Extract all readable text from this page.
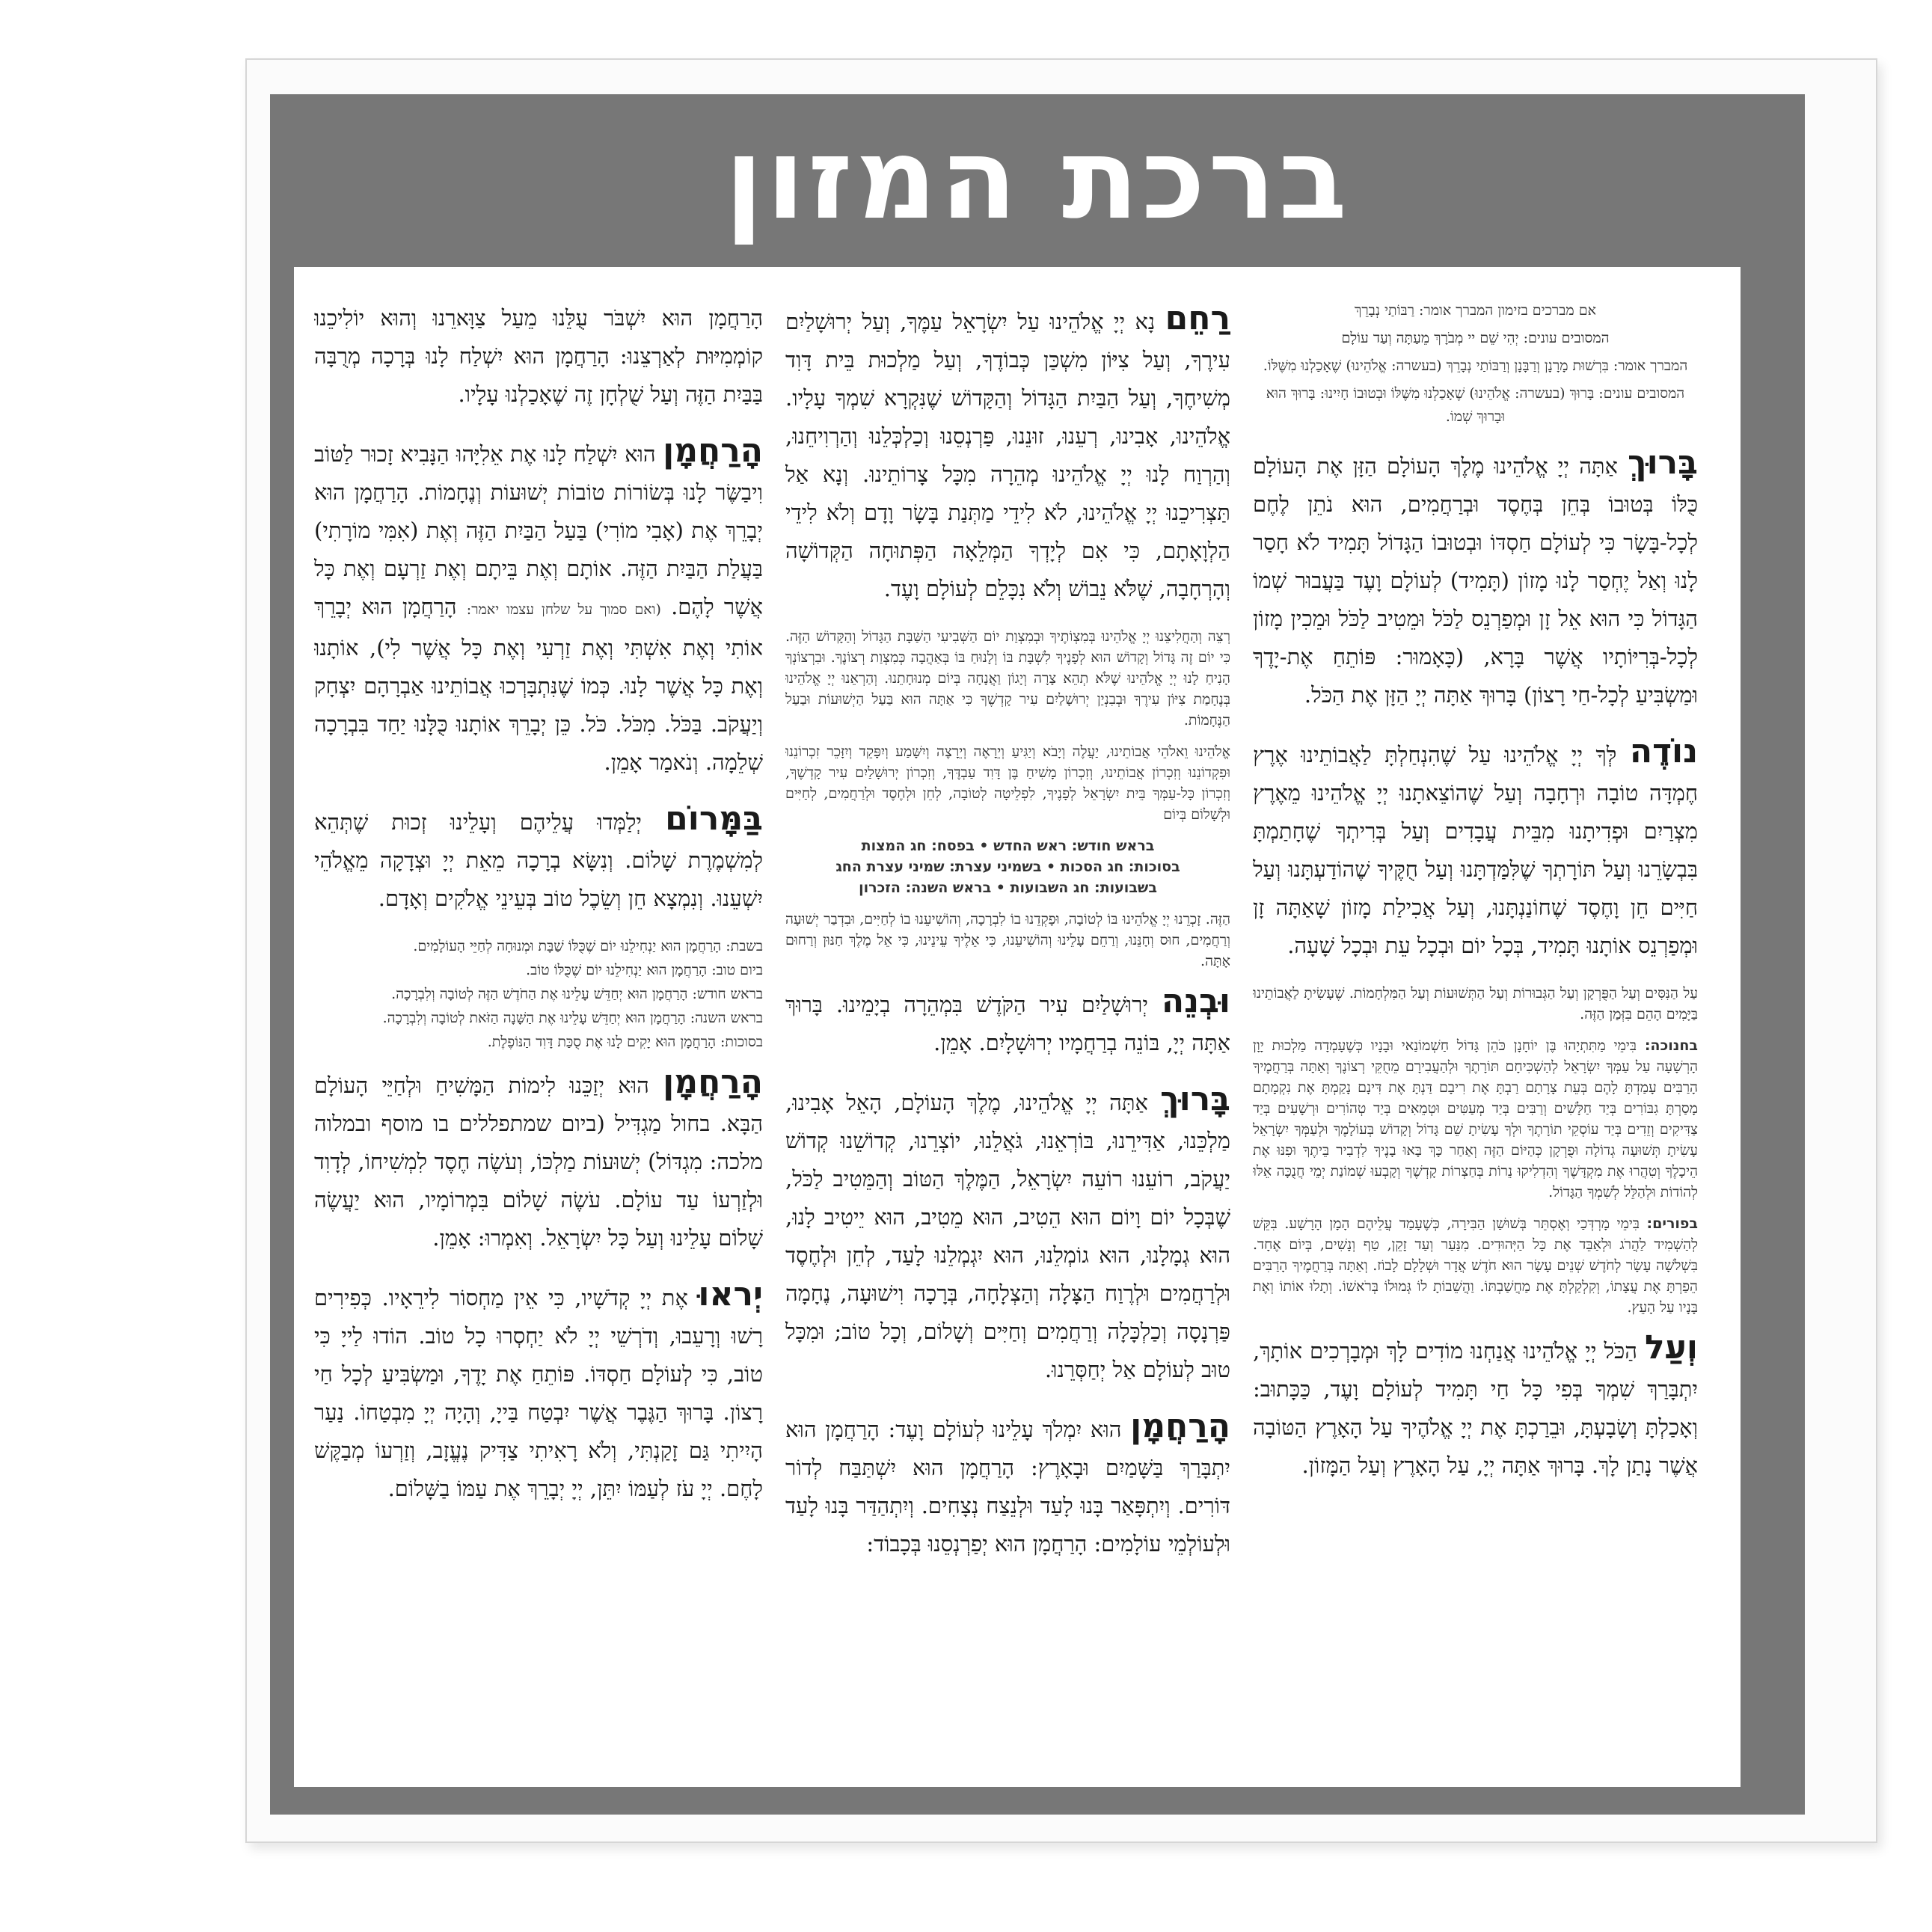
ברכת המזון
WATERDALE COLLECTION

אם מברכים בזימון המברך אומר: רַבּוֹתַי נְבָרֵךְ

המסובים עונים: יְהִי שֵׁם יי מְבֹרָךְ מֵעַתָּה וְעַד עוֹלָם

המברך אומר: בִּרְשׁוּת מָרָנָן וְרַבָּנָן וְרַבּוֹתַי נְבָרֵךְ (בעשרה: אֱלֹהֵינוּ) שֶׁאָכַלְנוּ מִשֶּׁלּוֹ.

המסובים עונים: בָּרוּךְ (בעשרה: אֱלֹהֵינוּ) שֶׁאָכַלְנוּ מִשֶּׁלּוֹ וּבְטוּבוֹ חָיִינוּ: בָּרוּךְ הוּא וּבָרוּךְ שְׁמוֹ.

בָּרוּךְ אַתָּה יְיָ אֱלֹהֵינוּ מֶלֶךְ הָעוֹלָם הַזָּן אֶת הָעוֹלָם כֻּלּוֹ בְּטוּבוֹ בְּחֵן בְּחֶסֶד וּבְרַחֲמִים, הוּא נֹתֵן לֶחֶם לְכָל-בָּשָׂר כִּי לְעוֹלָם חַסְדּוֹ וּבְטוּבוֹ הַגָּדוֹל תָּמִיד לֹא חָסַר לָנוּ וְאַל יֶחְסַר לָנוּ מָזוֹן (תָּמִיד) לְעוֹלָם וָעֶד בַּעֲבוּר שְׁמוֹ הַגָּדוֹל כִּי הוּא אֵל זָן וּמְפַרְנֵס לַכֹּל וּמֵטִיב לַכֹּל וּמֵכִין מָזוֹן לְכָל-בְּרִיּוֹתָיו אֲשֶׁר בָּרָא, (כָּאָמוּר: פּוֹתֵחַ אֶת-יָדֶךָ וּמַשְׂבִּיעַ לְכָל-חַי רָצוֹן) בָּרוּךְ אַתָּה יְיָ הַזָּן אֶת הַכֹּל.

נוֹדֶה לְּךָ יְיָ אֱלֹהֵינוּ עַל שֶׁהִנְחַלְתָּ לַאֲבוֹתֵינוּ אֶרֶץ חֶמְדָּה טוֹבָה וּרְחָבָה וְעַל שֶׁהוֹצֵאתָנוּ יְיָ אֱלֹהֵינוּ מֵאֶרֶץ מִצְרַיִם וּפְדִיתָנוּ מִבֵּית עֲבָדִים וְעַל בְּרִיתְךָ שֶׁחָתַמְתָּ בִּבְשָׂרֵנוּ וְעַל תּוֹרָתְךָ שֶׁלִּמַּדְתָּנוּ וְעַל חֻקֶּיךָ שֶׁהוֹדַעְתָּנוּ וְעַל חַיִּים חֵן וָחֶסֶד שֶׁחוֹנַנְתָּנוּ, וְעַל אֲכִילַת מָזוֹן שָׁאַתָּה זָן וּמְפַרְנֵס אוֹתָנוּ תָּמִיד, בְּכָל יוֹם וּבְכָל עֵת וּבְכָל שָׁעָה.

עַל הַנִּסִּים וְעַל הַפֻּרְקָן וְעַל הַגְּבוּרוֹת וְעַל הַתְּשׁוּעוֹת וְעַל הַמִּלְחָמוֹת. שֶׁעָשִׂיתָ לַאֲבוֹתֵינוּ בַּיָּמִים הָהֵם בִּזְּמַן הַזֶּה.

בחנוכה: בִּימֵי מַתִּתְיָהוּ בֶּן יוֹחָנָן כֹּהֵן גָּדוֹל חַשְׁמוֹנַאי וּבָנָיו כְּשֶׁעָמְדָה מַלְכוּת יָוָן הָרְשָׁעָה עַל עַמְּךָ יִשְׂרָאֵל לְהַשְׁכִּיחָם תּוֹרָתֶךָ וּלְהַעֲבִירָם מֵחֻקֵּי רְצוֹנֶךָ וְאַתָּה בְּרַחֲמֶיךָ הָרַבִּים עָמַדְתָּ לָהֶם בְּעֵת צָרָתָם רַבְתָּ אֶת רִיבָם דַּנְתָּ אֶת דִּינָם נָקַמְתָּ אֶת נִקְמָתָם מָסַרְתָּ גִבּוֹרִים בְּיַד חַלָּשִׁים וְרַבִּים בְּיַד מְעַטִּים וּטְמֵאִים בְּיַד טְהוֹרִים וּרְשָׁעִים בְּיַד צַדִּיקִים וְזֵדִים בְּיַד עוֹסְקֵי תוֹרָתֶךָ וּלְךָ עָשִׂיתָ שֵׁם גָּדוֹל וְקָדוֹשׁ בְּעוֹלָמֶךָ וּלְעַמְּךָ יִשְׂרָאֵל עָשִׂיתָ תְּשׁוּעָה גְדוֹלָה וּפֻרְקָן כְּהַיּוֹם הַזֶּה וְאַחַר כָּךְ בָּאוּ בָנֶיךָ לִדְבִיר בֵּיתֶךָ וּפִנּוּ אֶת הֵיכָלֶךָ וְטִהֲרוּ אֶת מִקְדָּשֶׁךָ וְהִדְלִיקוּ נֵרוֹת בְּחַצְרוֹת קָדְשֶׁךָ וְקָבְעוּ שְׁמוֹנַת יְמֵי חֲנֻכָּה אֵלּוּ לְהוֹדוֹת וּלְהַלֵּל לְשִׁמְךָ הַגָּדוֹל.

בפורים: בִּימֵי מָרְדְּכַי וְאֶסְתֵּר בְּשׁוּשַׁן הַבִּירָה, כְּשֶׁעָמַד עֲלֵיהֶם הָמָן הָרָשָׁע. בִּקֵּשׁ לְהַשְׁמִיד לַהֲרֹג וּלְאַבֵּד אֶת כָּל הַיְּהוּדִים. מִנַּעַר וְעַד זָקֵן, טַף וְנָשִׁים, בְּיוֹם אֶחָד. בִּשְׁלֹשָׁה עָשָׂר לְחֹדֶשׁ שְׁנֵים עָשָׂר הוּא חֹדֶשׁ אֲדָר וּשְׁלָלָם לָבוֹז. וְאַתָּה בְּרַחֲמֶיךָ הָרַבִּים הֵפַרְתָּ אֶת עֲצָתוֹ, וְקִלְקַלְתָּ אֶת מַחֲשַׁבְתּוֹ. וַהֲשֵׁבוֹתָ לוֹ גְּמוּלוֹ בְּרֹאשׁוֹ. וְתָלוּ אוֹתוֹ וְאֶת בָּנָיו עַל הָעֵץ.

וְעַל הַכֹּל יְיָ אֱלֹהֵינוּ אֲנַחְנוּ מוֹדִים לָךְ וּמְבָרְכִים אוֹתָךְ, יִתְבָּרַךְ שִׁמְךָ בְּפִי כָּל חַי תָּמִיד לְעוֹלָם וָעֶד, כַּכָּתוּב: וְאָכַלְתָּ וְשָׂבָעְתָּ, וּבֵרַכְתָּ אֶת יְיָ אֱלֹהֶיךָ עַל הָאָרֶץ הַטּוֹבָה אֲשֶׁר נָתַן לָךְ. בָּרוּךְ אַתָּה יְיָ, עַל הָאָרֶץ וְעַל הַמָּזוֹן.

רַחֵם נָא יְיָ אֱלֹהֵינוּ עַל יִשְׂרָאֵל עַמֶּךָ, וְעַל יְרוּשָׁלַיִם עִירֶךָ, וְעַל צִיּוֹן מִשְׁכַּן כְּבוֹדֶךָ, וְעַל מַלְכוּת בֵּית דָּוִד מְשִׁיחֶךָ, וְעַל הַבַּיִת הַגָּדוֹל וְהַקָּדוֹשׁ שֶׁנִּקְרָא שִׁמְךָ עָלָיו. אֱלֹהֵינוּ, אָבִינוּ, רְעֵנוּ, זוּנֵנוּ, פַּרְנְסֵנוּ וְכַלְכְּלֵנוּ וְהַרְוִיחֵנוּ, וְהַרְוַח לָנוּ יְיָ אֱלֹהֵינוּ מְהֵרָה מִכָּל צָרוֹתֵינוּ. וְנָא אַל תַּצְרִיכֵנוּ יְיָ אֱלֹהֵינוּ, לֹא לִידֵי מַתְּנַת בָּשָׂר וָדָם וְלֹא לִידֵי הַלְוָאָתָם, כִּי אִם לְיָדְךָ הַמְּלֵאָה הַפְּתוּחָה הַקְּדוֹשָׁה וְהָרְחָבָה, שֶׁלֹּא נֵבוֹשׁ וְלֹא נִכָּלֵם לְעוֹלָם וָעֶד.

רְצֵה וְהַחֲלִיצֵנוּ יְיָ אֱלֹהֵינוּ בְּמִצְוֹתֶיךָ וּבְמִצְוַת יוֹם הַשְּׁבִיעִי הַשַּׁבָּת הַגָּדוֹל וְהַקָּדוֹשׁ הַזֶּה. כִּי יוֹם זֶה גָּדוֹל וְקָדוֹשׁ הוּא לְפָנֶיךָ לִשְׁבָּת בּוֹ וְלָנוּחַ בּוֹ בְּאַהֲבָה כְּמִצְוַת רְצוֹנֶךָ. וּבִרְצוֹנְךָ הָנִיחַ לָנוּ יְיָ אֱלֹהֵינוּ שֶׁלֹּא תְהֵא צָרָה וְיָגוֹן וַאֲנָחָה בְּיוֹם מְנוּחָתֵנוּ. וְהַרְאֵנוּ יְיָ אֱלֹהֵינוּ בְּנֶחָמַת צִיּוֹן עִירֶךָ וּבְבִנְיַן יְרוּשָׁלַיִם עִיר קָדְשֶׁךָ כִּי אַתָּה הוּא בַּעַל הַיְשׁוּעוֹת וּבַעַל הַנֶּחָמוֹת.

אֱלֹהֵינוּ וֵאלֹהֵי אֲבוֹתֵינוּ, יַעֲלֶה וְיָבֹא וְיַגִּיעַ וְיֵרָאֶה וְיֵרָצֶה וְיִשָּׁמַע וְיִפָּקֵד וְיִזָּכֵר זִכְרוֹנֵנוּ וּפִקְדוֹנֵנוּ וְזִכְרוֹן אֲבוֹתֵינוּ, וְזִכְרוֹן מָשִׁיחַ בֶּן דָּוִד עַבְדֶּךָ, וְזִכְרוֹן יְרוּשָׁלַיִם עִיר קָדְשֶׁךָ, וְזִכְרוֹן כָּל-עַמְּךָ בֵּית יִשְׂרָאֵל לְפָנֶיךָ, לִפְלֵיטָה לְטוֹבָה, לְחֵן וּלְחֶסֶד וּלְרַחֲמִים, לְחַיִּים וּלְשָׁלוֹם בְּיוֹם

בראש חודש: ראש החדש • בפסח: חג המצות

בסוכות: חג הסכות • בשמיני עצרת: שמיני עצרת החג

בשבועות: חג השבועות • בראש השנה: הזכרון

הַזֶּה. זָכְרֵנוּ יְיָ אֱלֹהֵינוּ בּוֹ לְטוֹבָה, וּפָקְדֵנוּ בוֹ לִבְרָכָה, וְהוֹשִׁיעֵנוּ בוֹ לְחַיִּים, וּבִדְבַר יְשׁוּעָה וְרַחֲמִים, חוּס וְחָנֵּנוּ, וְרַחֵם עָלֵינוּ וְהוֹשִׁיעֵנוּ, כִּי אֵלֶיךָ עֵינֵינוּ, כִּי אֵל מֶלֶךְ חַנּוּן וְרַחוּם אָתָּה.

וּבְנֵה יְרוּשָׁלַיִם עִיר הַקֹּדֶשׁ בִּמְהֵרָה בְיָמֵינוּ. בָּרוּךְ אַתָּה יְיָ, בּוֹנֵה בְרַחֲמָיו יְרוּשָׁלָיִם. אָמֵן.

בָּרוּךְ אַתָּה יְיָ אֱלֹהֵינוּ, מֶלֶךְ הָעוֹלָם, הָאֵל אָבִינוּ, מַלְכֵּנוּ, אַדִּירֵנוּ, בּוֹרְאֵנוּ, גֹּאֲלֵנוּ, יוֹצְרֵנוּ, קְדוֹשֵׁנוּ קְדוֹשׁ יַעֲקֹב, רוֹעֵנוּ רוֹעֵה יִשְׂרָאֵל, הַמֶּלֶךְ הַטּוֹב וְהַמֵּטִיב לַכֹּל, שֶׁבְּכָל יוֹם וָיוֹם הוּא הֵטִיב, הוּא מֵטִיב, הוּא יֵיטִיב לָנוּ, הוּא גְמָלָנוּ, הוּא גוֹמְלֵנוּ, הוּא יִגְמְלֵנוּ לָעַד, לְחֵן וּלְחֶסֶד וּלְרַחֲמִים וּלְרֶוַח הַצָּלָה וְהַצְלָחָה, בְּרָכָה וִישׁוּעָה, נֶחָמָה פַּרְנָסָה וְכַלְכָּלָה וְרַחֲמִים וְחַיִּים וְשָׁלוֹם, וְכָל טוֹב; וּמִכָּל טוּב לְעוֹלָם אַל יְחַסְּרֵנוּ.

הָרַחֲמָן הוּא יִמְלֹךְ עָלֵינוּ לְעוֹלָם וָעֶד: הָרַחֲמָן הוּא יִתְבָּרַךְ בַּשָּׁמַיִם וּבָאָרֶץ: הָרַחֲמָן הוּא יִשְׁתַּבַּח לְדוֹר דּוֹרִים. וְיִתְפָּאַר בָּנוּ לָעַד וּלְנֵצַח נְצָחִים. וְיִתְהַדַּר בָּנוּ לָעַד וּלְעוֹלְמֵי עוֹלָמִים: הָרַחֲמָן הוּא יְפַרְנְסֵנוּ בְּכָבוֹד:

הָרַחֲמָן הוּא יִשְׁבֹּר עֻלֵּנוּ מֵעַל צַוָּארֵנוּ וְהוּא יוֹלִיכֵנוּ קוֹמְמִיּוּת לְאַרְצֵנוּ: הָרַחֲמָן הוּא יִשְׁלַח לָנוּ בְּרָכָה מְרֻבָּה בַּבַּיִת הַזֶּה וְעַל שֻׁלְחָן זֶה שֶׁאָכַלְנוּ עָלָיו.

הָרַחֲמָן הוּא יִשְׁלַח לָנוּ אֶת אֵלִיָּהוּ הַנָּבִיא זָכוּר לַטּוֹב וִיבַשֶּׂר לָנוּ בְּשׂוֹרוֹת טוֹבוֹת יְשׁוּעוֹת וְנֶחָמוֹת. הָרַחֲמָן הוּא יְבָרֵךְ אֶת (אָבִי מוֹרִי) בַּעַל הַבַּיִת הַזֶּה וְאֶת (אִמִּי מוֹרָתִי) בַּעֲלַת הַבַּיִת הַזֶּה. אוֹתָם וְאֶת בֵּיתָם וְאֶת זַרְעָם וְאֶת כָּל אֲשֶׁר לָהֶם. (ואם סמוך על שלחן עצמו יאמר: הָרַחֲמָן הוּא יְבָרֵךְ אוֹתִי וְאֶת אִשְׁתִּי וְאֶת זַרְעִי וְאֶת כָּל אֲשֶׁר לִי), אוֹתָנוּ וְאֶת כָּל אֲשֶׁר לָנוּ. כְּמוֹ שֶׁנִּתְבָּרְכוּ אֲבוֹתֵינוּ אַבְרָהָם יִצְחָק וְיַעֲקֹב. בַּכֹּל. מִכֹּל. כֹּל. כֵּן יְבָרֵךְ אוֹתָנוּ כֻּלָּנוּ יַחַד בִּבְרָכָה שְׁלֵמָה. וְנֹאמַר אָמֵן.

בַּמָּרוֹם יְלַמְּדוּ עֲלֵיהֶם וְעָלֵינוּ זְכוּת שֶׁתְּהֵא לְמִשְׁמֶרֶת שָׁלוֹם. וְנִשָּׂא בְרָכָה מֵאֵת יְיָ וּצְדָקָה מֵאֱלֹהֵי יִשְׁעֵנוּ. וְנִמְצָא חֵן וְשֵׂכֶל טוֹב בְּעֵינֵי אֱלֹקִים וְאָדָם.

בשבת: הָרַחֲמָן הוּא יַנְחִילֵנוּ יוֹם שֶׁכֻּלּוֹ שַׁבָּת וּמְנוּחָה לְחַיֵּי הָעוֹלָמִים.

ביום טוב: הָרַחֲמָן הוּא יַנְחִילֵנוּ יוֹם שֶׁכֻּלּוֹ טוֹב.

בראש חודש: הָרַחֲמָן הוּא יְחַדֵּשׁ עָלֵינוּ אֶת הַחֹדֶשׁ הַזֶּה לְטוֹבָה וְלִבְרָכָה.

בראש השנה: הָרַחֲמָן הוּא יְחַדֵּשׁ עָלֵינוּ אֶת הַשָּׁנָה הַזֹּאת לְטוֹבָה וְלִבְרָכָה.

בסוכות: הָרַחֲמָן הוּא יָקִים לָנוּ אֶת סֻכַּת דָּוִד הַנּוֹפֶלֶת.

הָרַחֲמָן הוּא יְזַכֵּנוּ לִימוֹת הַמָּשִׁיחַ וּלְחַיֵּי הָעוֹלָם הַבָּא. בחול מַגְדִּיל (ביום שמתפללים בו מוסף ובמלוה מלכה: מִגְדּוֹל) יְשׁוּעוֹת מַלְכּוֹ, וְעֹשֶׂה חֶסֶד לִמְשִׁיחוֹ, לְדָוִד וּלְזַרְעוֹ עַד עוֹלָם. עֹשֶׂה שָׁלוֹם בִּמְרוֹמָיו, הוּא יַעֲשֶׂה שָׁלוֹם עָלֵינוּ וְעַל כָּל יִשְׂרָאֵל. וְאִמְרוּ: אָמֵן.

יְראוּ אֶת יְיָ קְדֹשָׁיו, כִּי אֵין מַחְסוֹר לִירֵאָיו. כְּפִירִים רָשׁוּ וְרָעֵבוּ, וְדֹרְשֵׁי יְיָ לֹא יַחְסְרוּ כָל טוֹב. הוֹדוּ לַייָ כִּי טוֹב, כִּי לְעוֹלָם חַסְדּוֹ. פּוֹתֵחַ אֶת יָדֶךָ, וּמַשְׂבִּיעַ לְכָל חַי רָצוֹן. בָּרוּךְ הַגֶּבֶר אֲשֶׁר יִבְטַח בַּייָ, וְהָיָה יְיָ מִבְטַחוֹ. נַעַר הָיִיתִי גַּם זָקַנְתִּי, וְלֹא רָאִיתִי צַדִּיק נֶעֱזָב, וְזַרְעוֹ מְבַקֶּשׁ לָחֶם. יְיָ עֹז לְעַמּוֹ יִתֵּן, יְיָ יְבָרֵךְ אֶת עַמּוֹ בַשָּׁלוֹם.
